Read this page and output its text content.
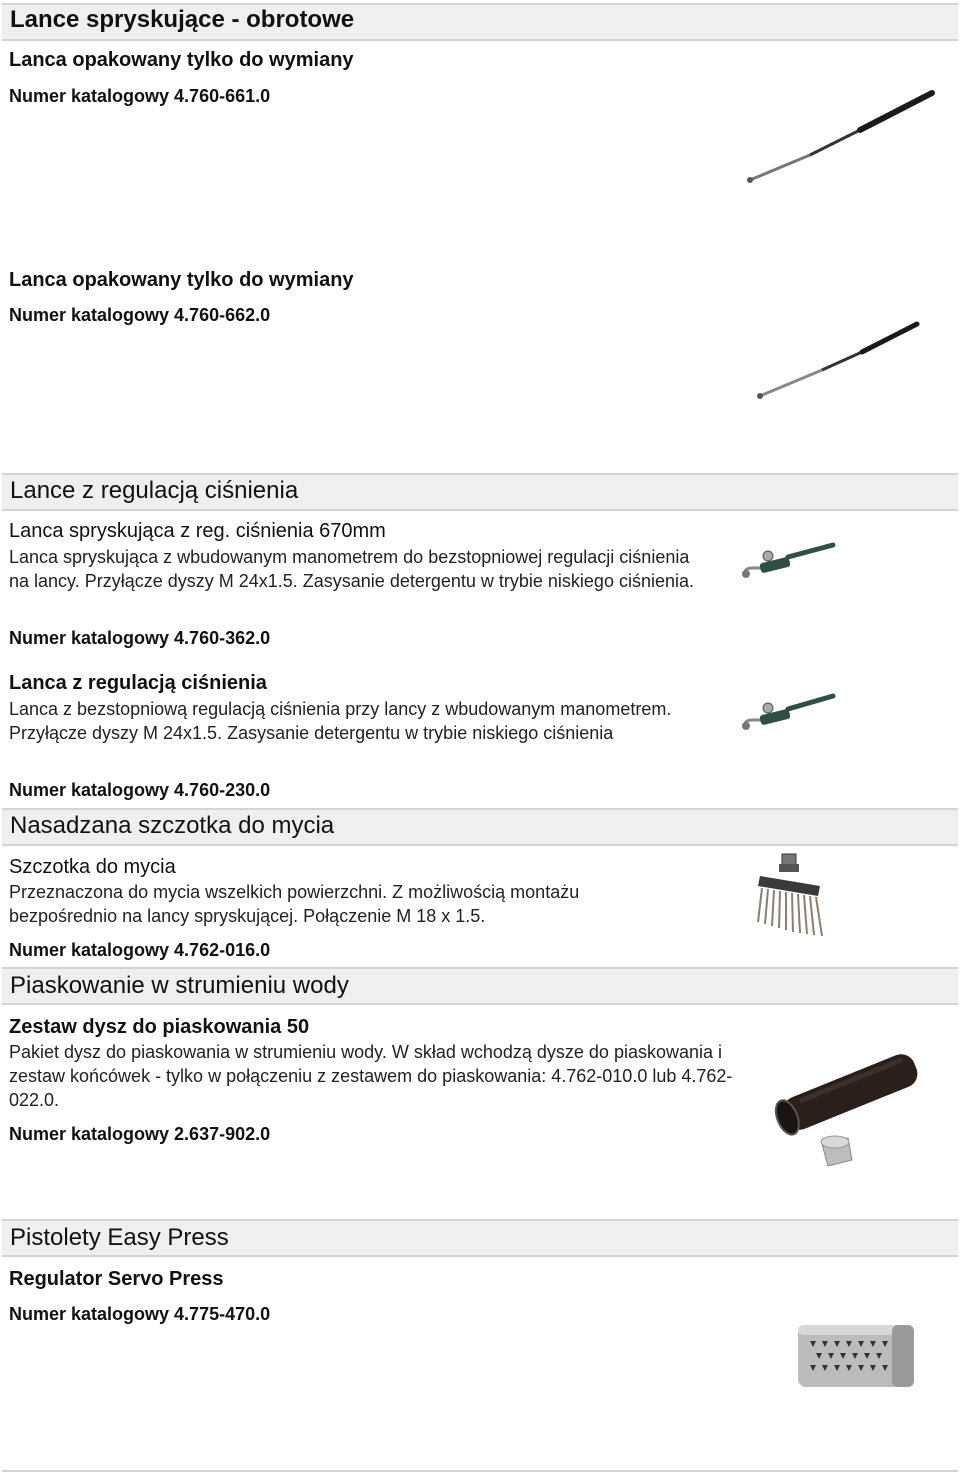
Lance spryskujące - obrotowe
Lanca opakowany tylko do wymiany
Numer katalogowy 4.760-661.0
Lanca opakowany tylko do wymiany
Numer katalogowy 4.760-662.0
Lance z regulacją ciśnienia
Lanca spryskująca z reg. ciśnienia 670mm
Lanca spryskująca z wbudowanym manometrem do bezstopniowej regulacji ciśnienia na lancy. Przyłącze dyszy M 24x1.5. Zasysanie detergentu w trybie niskiego ciśnienia.
Numer katalogowy 4.760-362.0
Lanca z regulacją ciśnienia
Lanca z bezstopniową regulacją ciśnienia przy lancy z wbudowanym manometrem. Przyłącze dyszy M 24x1.5. Zasysanie detergentu w trybie niskiego ciśnienia
Numer katalogowy 4.760-230.0
Nasadzana szczotka do mycia
Szczotka do mycia
Przeznaczona do mycia wszelkich powierzchni. Z możliwością montażu bezpośrednio na lancy spryskującej. Połączenie M 18 x 1.5.
Numer katalogowy 4.762-016.0
Piaskowanie w strumieniu wody
Zestaw dysz do piaskowania 50
Pakiet dysz do piaskowania w strumieniu wody. W skład wchodzą dysze do piaskowania i zestaw końcówek - tylko w połączeniu z zestawem do piaskowania: 4.762-010.0 lub 4.762-022.0.
Numer katalogowy 2.637-902.0
Pistolety Easy Press
Regulator Servo Press
Numer katalogowy 4.775-470.0
